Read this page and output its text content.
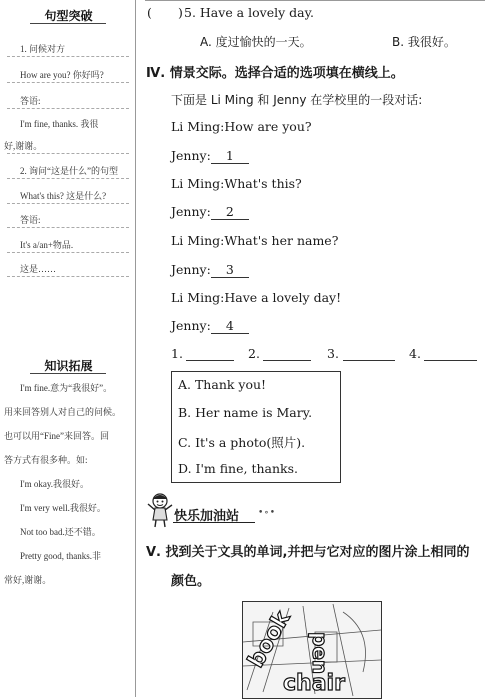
句型突破
1. 问候对方
How are you? 你好吗?
答语:
I'm fine, thanks. 我很
好,谢谢。
2. 询问“这是什么”的句型
What's this? 这是什么?
答语:
It's a/an+物品.
这是……
知识拓展
I'm fine.意为“我很好”。
用来回答别人对自己的问候。
也可以用“Fine”来回答。回
答方式有很多种。如:
I'm okay.我很好。
I'm very well.我很好。
Not too bad.还不错。
Pretty good, thanks.非
常好,谢谢。
( ) 5. Have a lovely day.
A. 度过愉快的一天。	B. 我很好。
Ⅳ. 情景交际。选择合适的选项填在横线上。
下面是 Li Ming 和 Jenny 在学校里的一段对话:
Li Ming:How are you?
Jenny: 1
Li Ming:What's this?
Jenny: 2
Li Ming:What's her name?
Jenny: 3
Li Ming:Have a lovely day!
Jenny: 4
1.	2.	3.	4.
A. Thank you!
B. Her name is Mary.
C. It's a photo(照片).
D. I'm fine, thanks.
快乐加油站 •∘•
Ⅴ. 找到关于文具的单词,并把与它对应的图片涂上相同的
颜色。
book pen
chair
